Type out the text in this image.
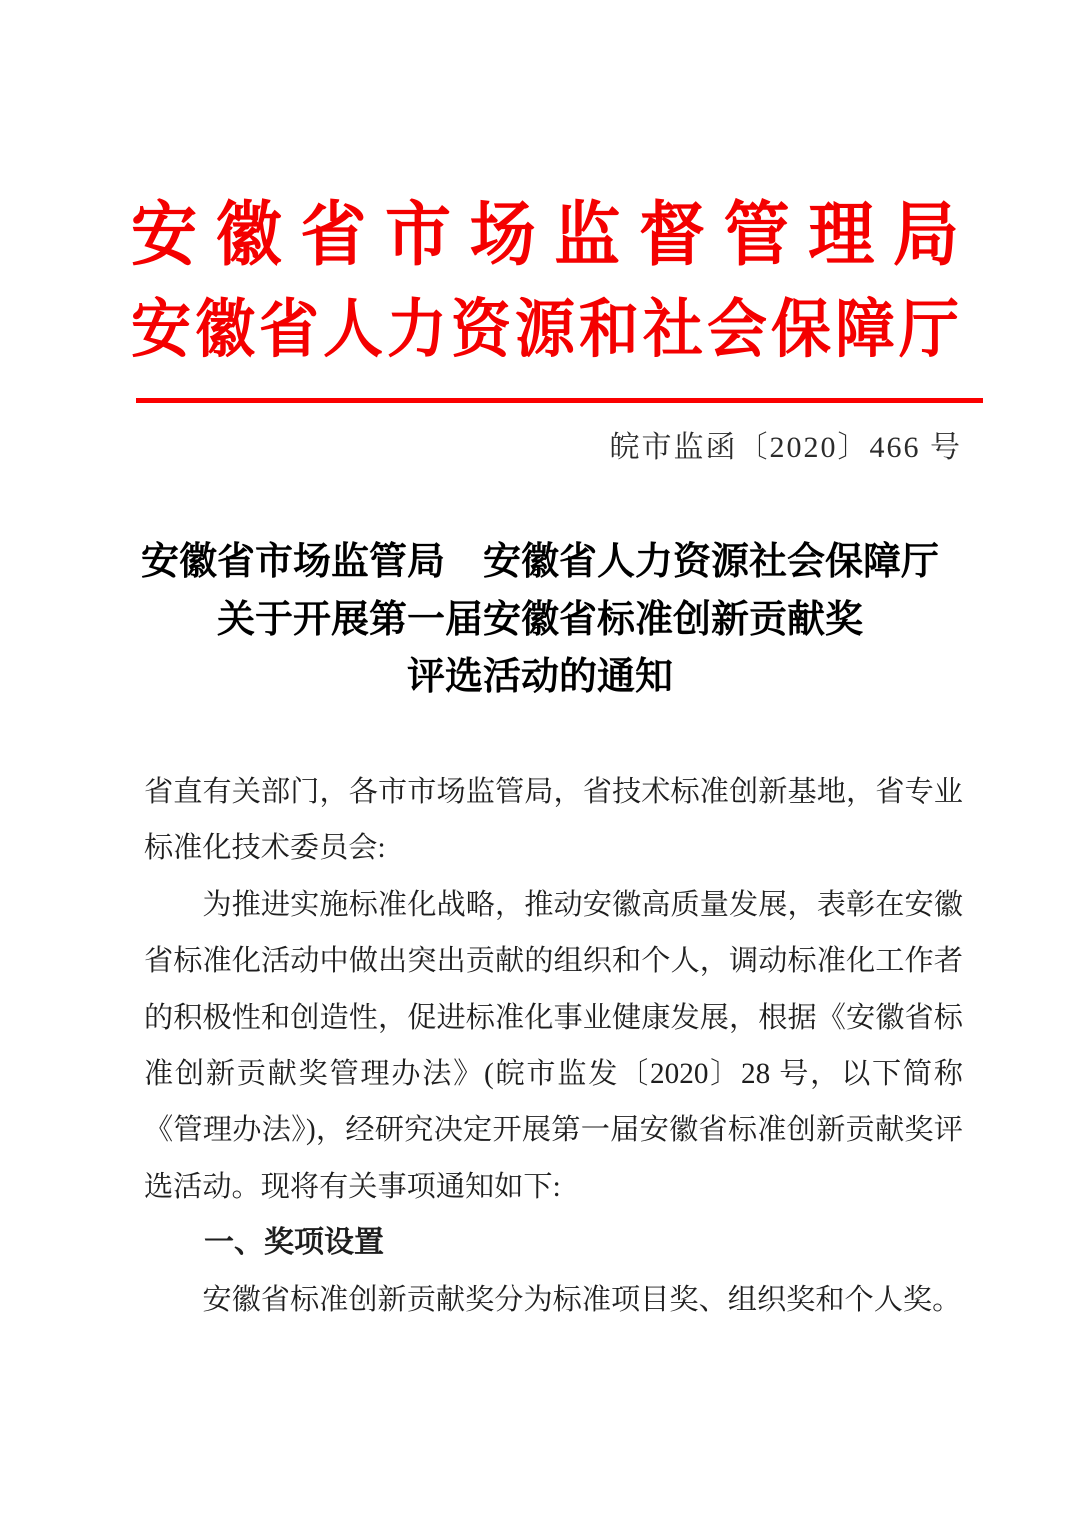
安 徽 省 市 场 监 督 管 理 局
安 徽 省 人 力 资 源 和 社 会 保 障 厅
皖市监函〔2020〕466 号
安徽省市场监管局　安徽省人力资源社会保障厅
关于开展第一届安徽省标准创新贡献奖
评选活动的通知

省直有关部门，各市市场监管局，省技术标准创新基地，省专业标准化技术委员会:

为推进实施标准化战略，推动安徽高质量发展，表彰在安徽省标准化活动中做出突出贡献的组织和个人，调动标准化工作者的积极性和创造性，促进标准化事业健康发展，根据《安徽省标准创新贡献奖管理办法》(皖市监发〔2020〕28 号，以下简称《管理办法》)，经研究决定开展第一届安徽省标准创新贡献奖评选活动。现将有关事项通知如下:

一、奖项设置

安徽省标准创新贡献奖分为标准项目奖、组织奖和个人奖。
